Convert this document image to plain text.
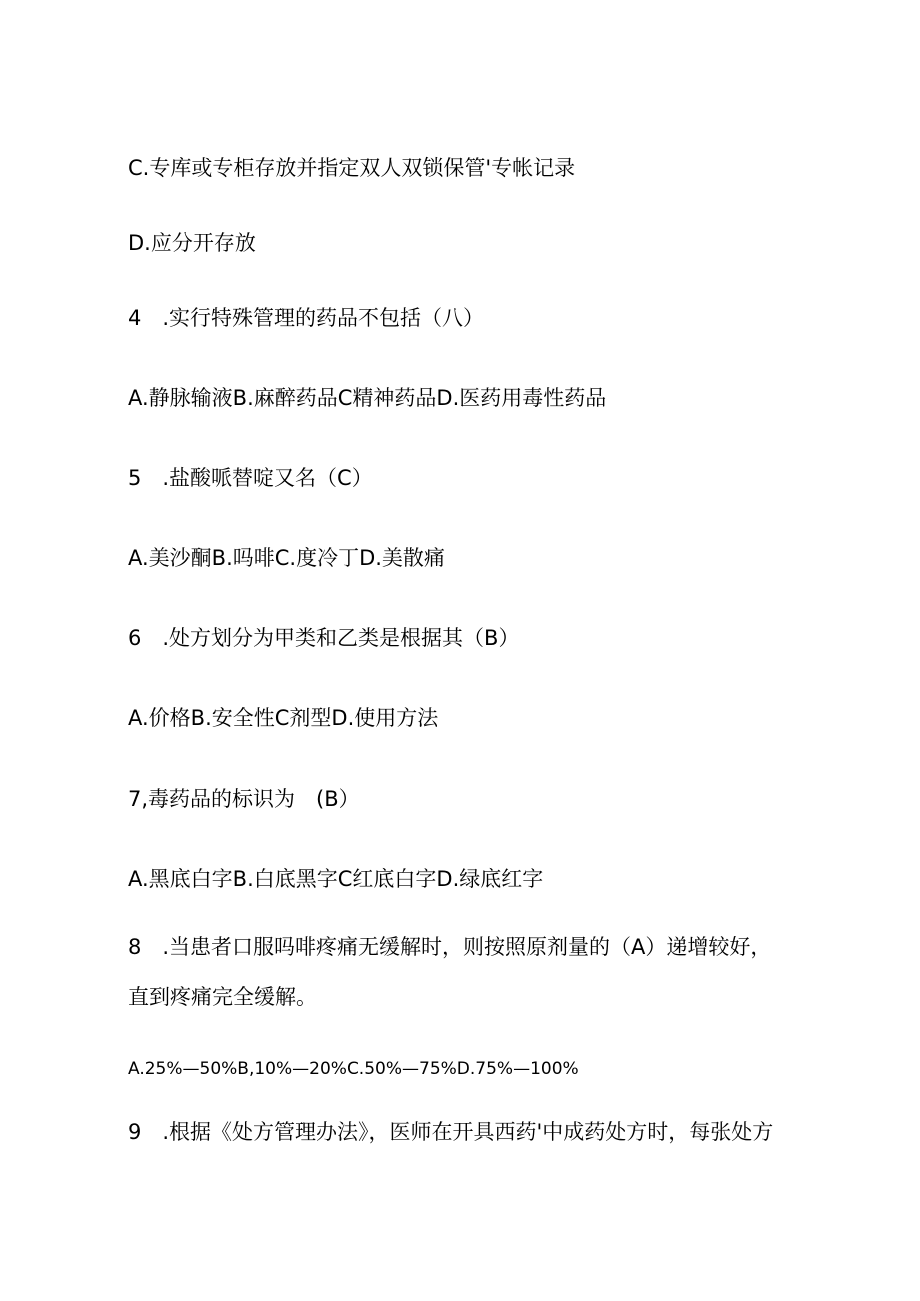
C.专库或专柜存放并指定双人双锁保管'专帐记录
D.应分开存放
4　.实行特殊管理的药品不包括（八）
A.静脉输液B.麻醉药品C精神药品D.医药用毒性药品
5　.盐酸哌替啶又名（C）
A.美沙酮B.吗啡C.度冷丁D.美散痛
6　.处方划分为甲类和乙类是根据其（B）
A.价格B.安全性C剂型D.使用方法
7,毒药品的标识为　(B）
A.黑底白字B.白底黑字C红底白字D.绿底红字
8　.当患者口服吗啡疼痛无缓解时，则按照原剂量的（A）递增较好，
直到疼痛完全缓解。
A.25%—50%B,10%—20%C.50%—75%D.75%—100%
9　.根据《处方管理办法》，医师在开具西药'中成药处方时，每张处方
